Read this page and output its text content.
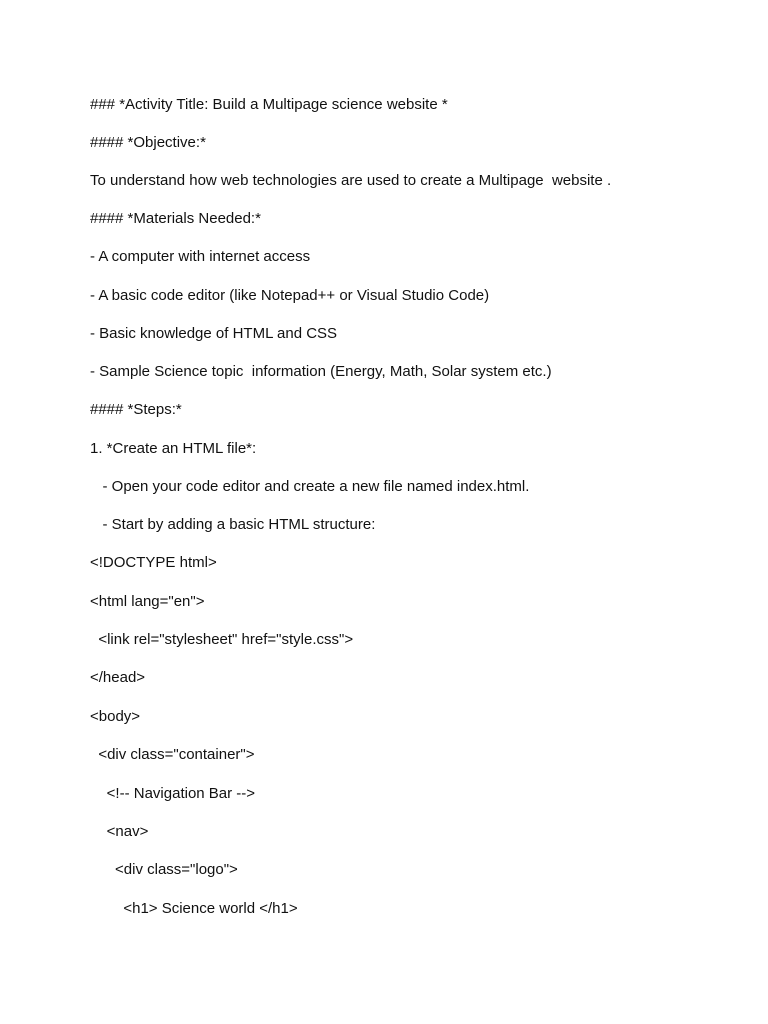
### *Activity Title: Build a Multipage science website *
#### *Objective:*
To understand how web technologies are used to create a Multipage  website .
#### *Materials Needed:*
- A computer with internet access
- A basic code editor (like Notepad++ or Visual Studio Code)
- Basic knowledge of HTML and CSS
- Sample Science topic  information (Energy, Math, Solar system etc.)
#### *Steps:*
1. *Create an HTML file*:
- Open your code editor and create a new file named index.html.
- Start by adding a basic HTML structure:
<!DOCTYPE html>
<html lang="en">
<link rel="stylesheet" href="style.css">
</head>
<body>
<div class="container">
<!-- Navigation Bar -->
<nav>
<div class="logo">
<h1> Science world </h1>
